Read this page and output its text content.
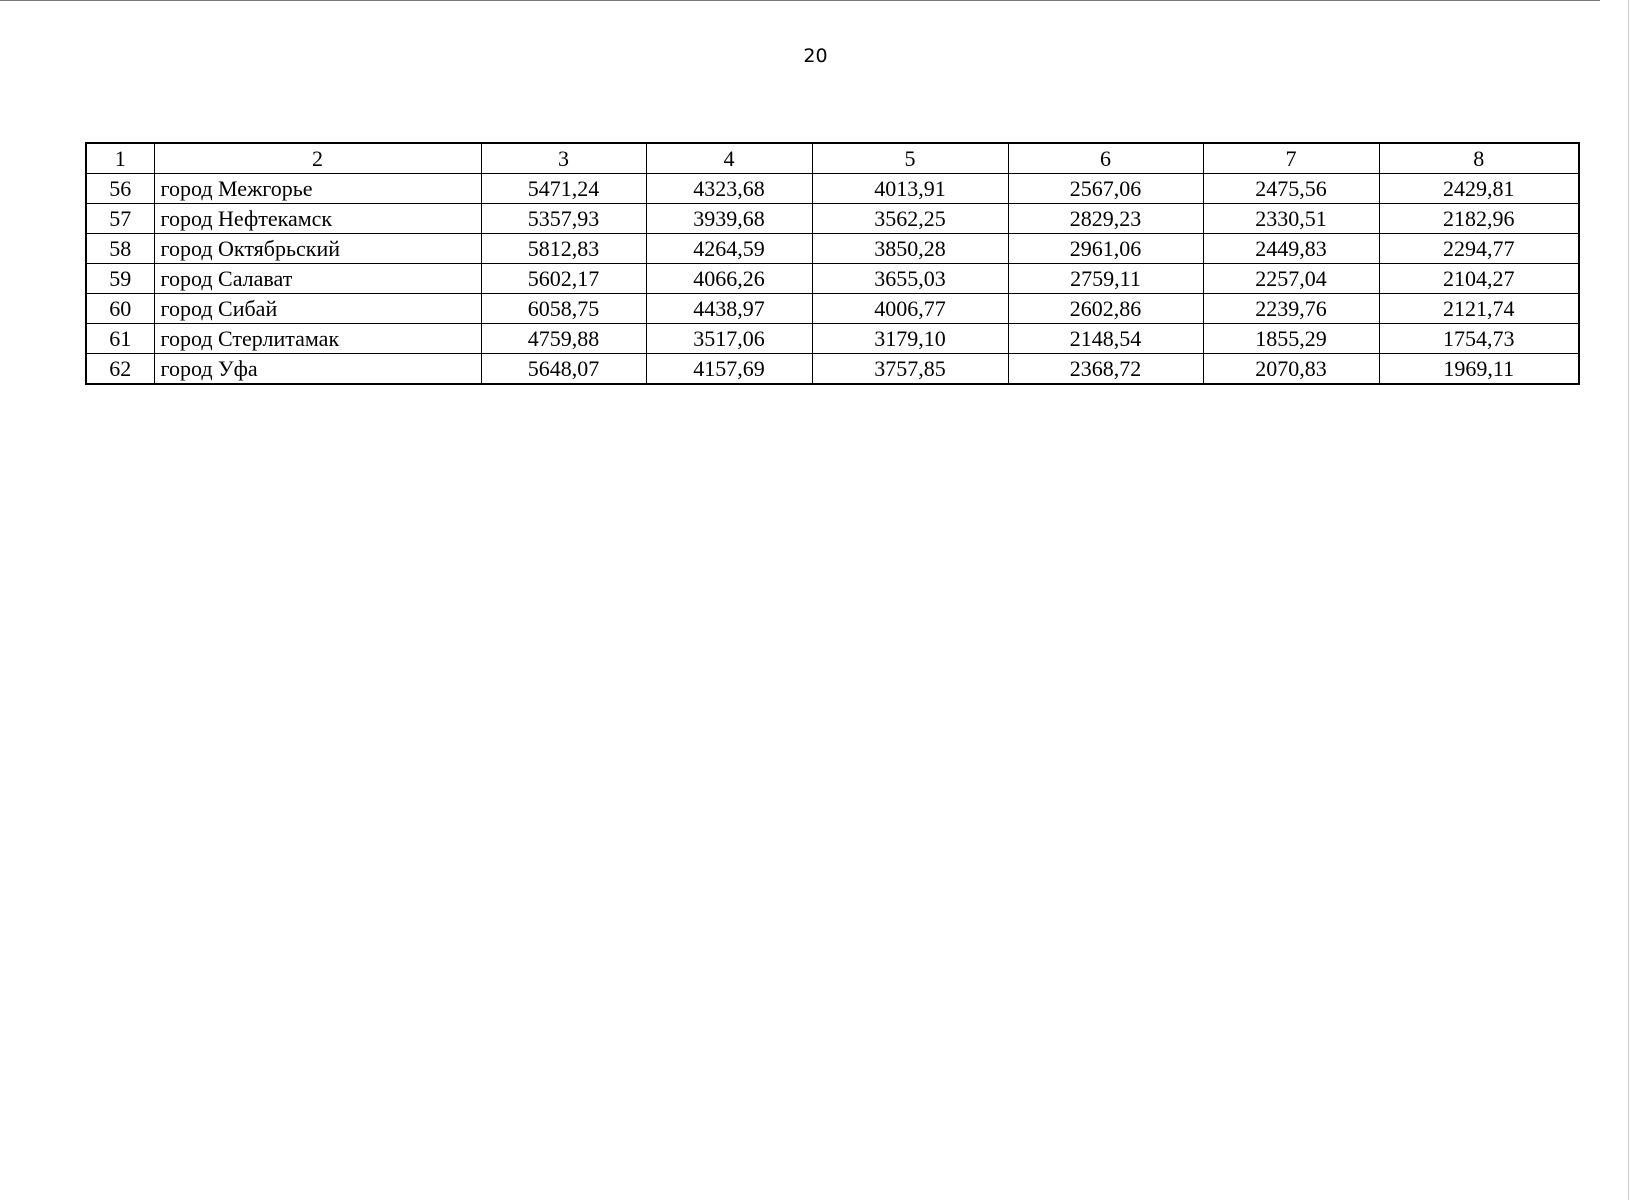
20
1	2	3	4	5	6	7	8
56	город Межгорье	5471,24	4323,68	4013,91	2567,06	2475,56	2429,81
57	город Нефтекамск	5357,93	3939,68	3562,25	2829,23	2330,51	2182,96
58	город Октябрьский	5812,83	4264,59	3850,28	2961,06	2449,83	2294,77
59	город Салават	5602,17	4066,26	3655,03	2759,11	2257,04	2104,27
60	город Сибай	6058,75	4438,97	4006,77	2602,86	2239,76	2121,74
61	город Стерлитамак	4759,88	3517,06	3179,10	2148,54	1855,29	1754,73
62	город Уфа	5648,07	4157,69	3757,85	2368,72	2070,83	1969,11
